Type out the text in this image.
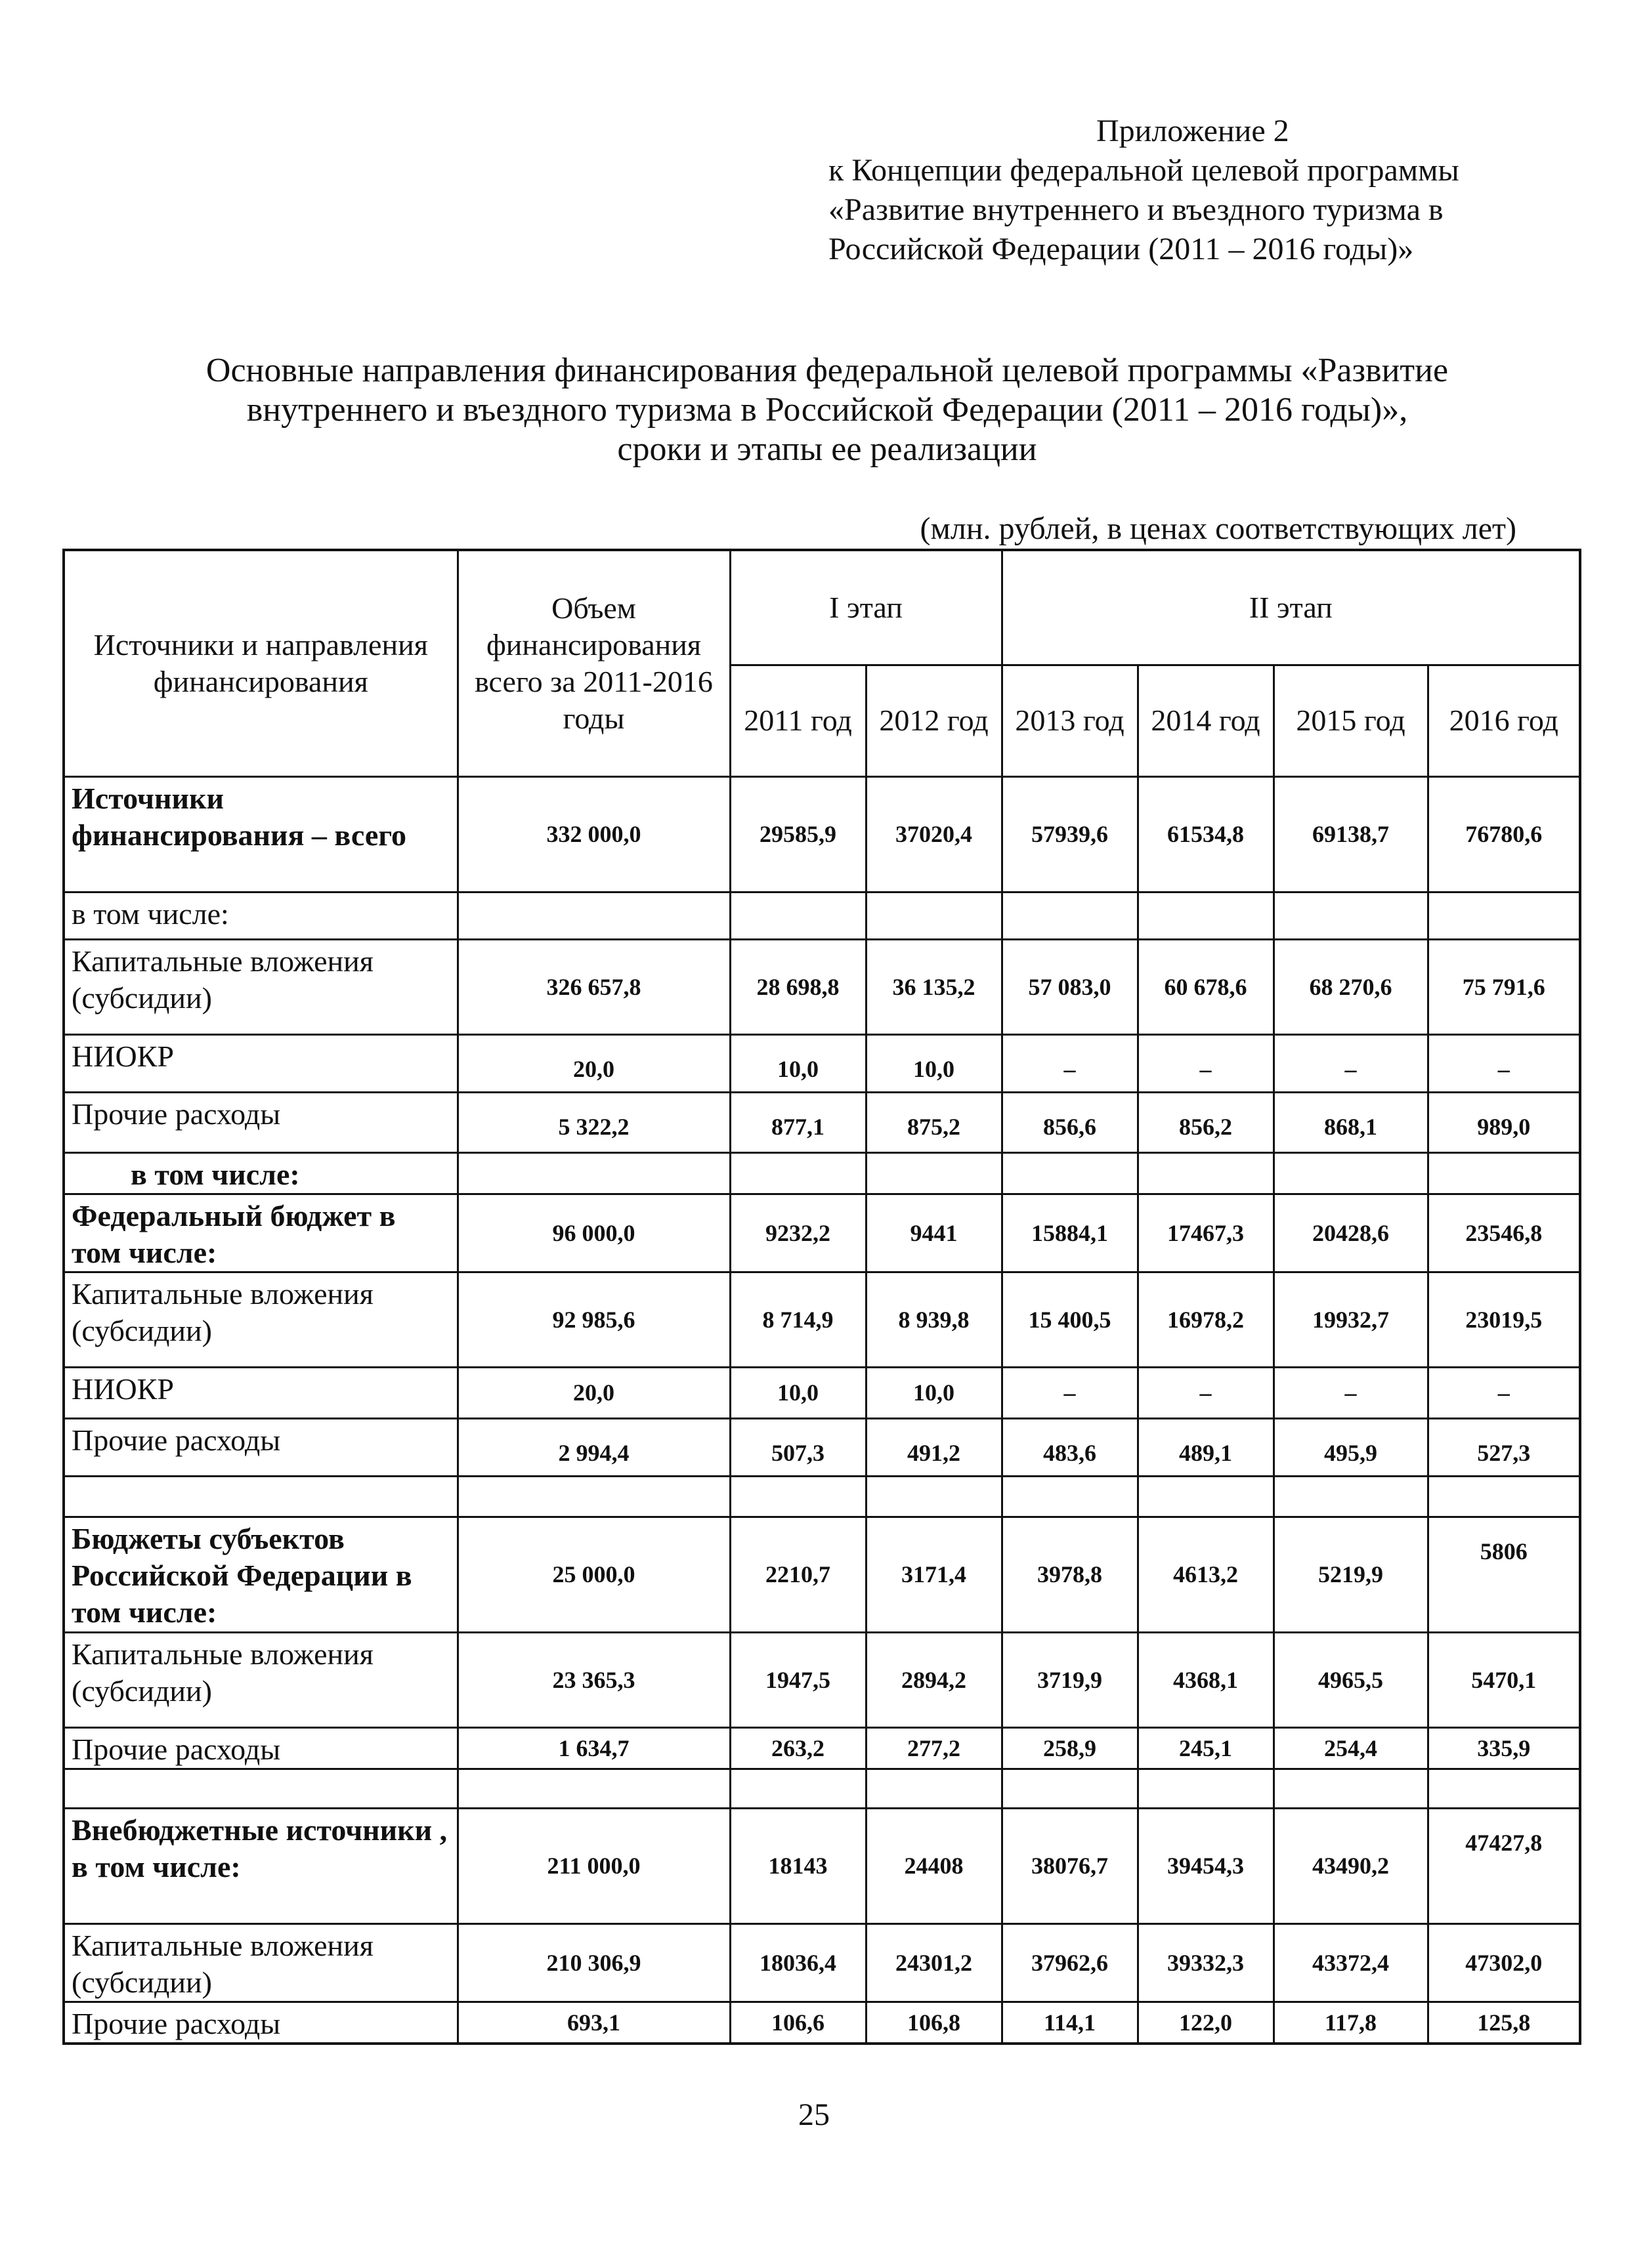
Приложение 2
к Концепции федеральной целевой программы
«Развитие внутреннего и въездного туризма в
Российской Федерации (2011 – 2016 годы)»
Основные направления финансирования федеральной целевой программы «Развитие
внутреннего и въездного туризма в Российской Федерации (2011 – 2016 годы)»,
сроки и этапы ее реализации
(млн. рублей, в ценах соответствующих лет)
Источники и направления финансирования	Объем финансирования всего за 2011-2016 годы	I этап		II этап			
		2011 год	2012 год	2013 год	2014 год	2015 год	2016 год
Источники финансирования – всего	332 000,0	29585,9	37020,4	57939,6	61534,8	69138,7	76780,6
в том числе:							
Капитальные вложения (субсидии)	326 657,8	28 698,8	36 135,2	57 083,0	60 678,6	68 270,6	75 791,6
НИОКР	20,0	10,0	10,0	–	–	–	–
Прочие расходы	5 322,2	877,1	875,2	856,6	856,2	868,1	989,0
в том числе:							
Федеральный бюджет в том числе:	96 000,0	9232,2	9441	15884,1	17467,3	20428,6	23546,8
Капитальные вложения (субсидии)	92 985,6	8 714,9	8 939,8	15 400,5	16978,2	19932,7	23019,5
НИОКР	20,0	10,0	10,0	–	–	–	–
Прочие расходы	2 994,4	507,3	491,2	483,6	489,1	495,9	527,3

Бюджеты субъектов Российской Федерации в том числе:	25 000,0	2210,7	3171,4	3978,8	4613,2	5219,9	5806
Капитальные вложения (субсидии)	23 365,3	1947,5	2894,2	3719,9	4368,1	4965,5	5470,1
Прочие расходы	1 634,7	263,2	277,2	258,9	245,1	254,4	335,9

Внебюджетные источники , в том числе:	211 000,0	18143	24408	38076,7	39454,3	43490,2	47427,8
Капитальные вложения (субсидии)	210 306,9	18036,4	24301,2	37962,6	39332,3	43372,4	47302,0
Прочие расходы	693,1	106,6	106,8	114,1	122,0	117,8	125,8
25
